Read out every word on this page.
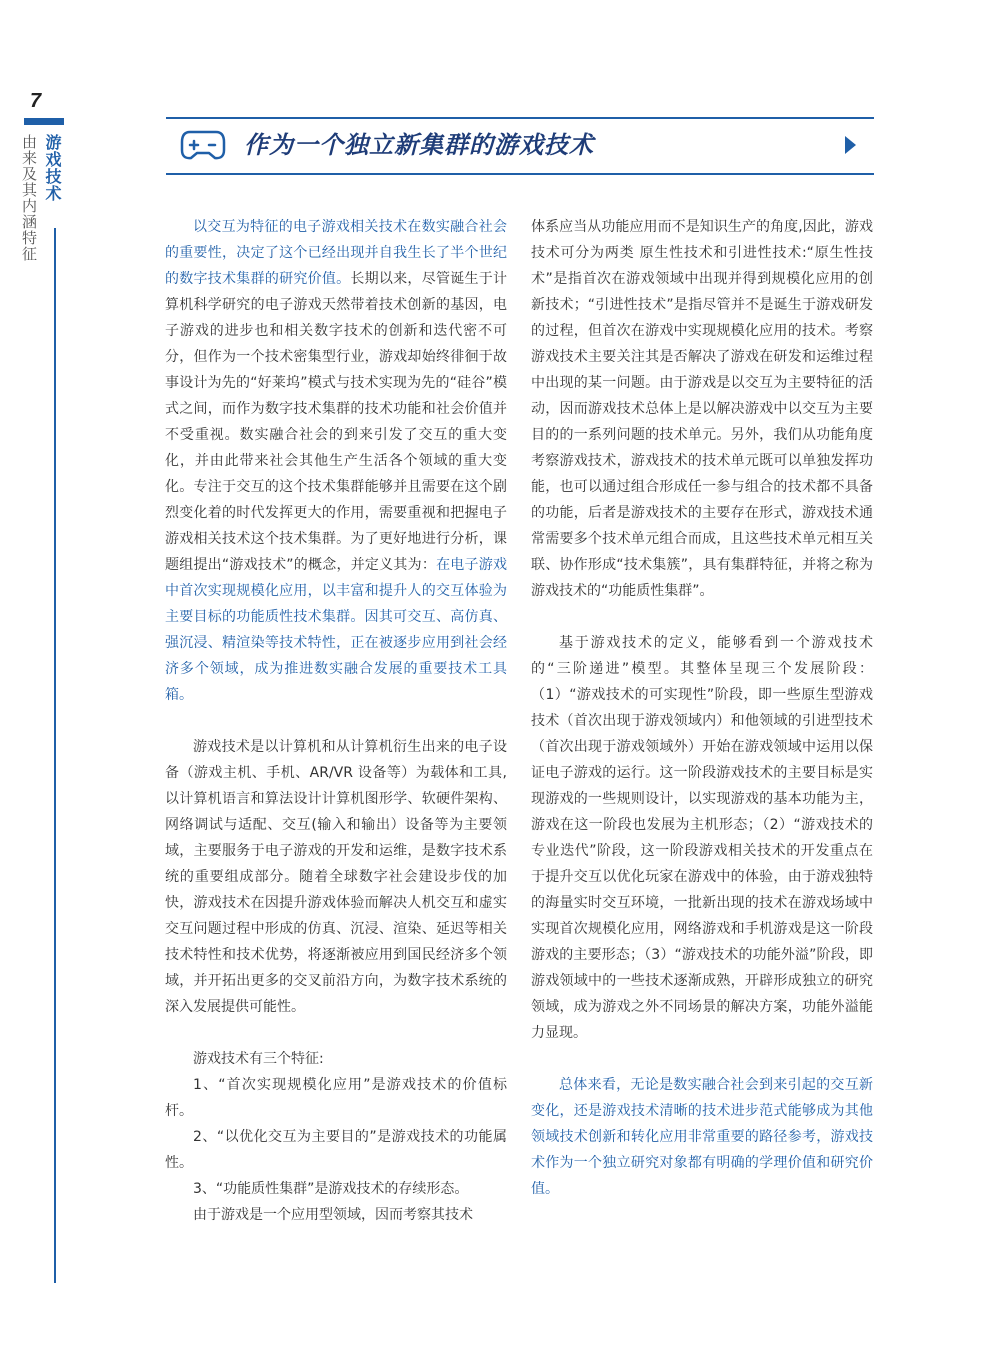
7
游戏技术
由来及其内涵特征	作为一个独立新集群的游戏技术

以交互为特征的电子游戏相关技术在数实融合社会的重要性，决定了这个已经出现并自我生长了半个世纪的数字技术集群的研究价值。长期以来，尽管诞生于计算机科学研究的电子游戏天然带着技术创新的基因，电子游戏的进步也和相关数字技术的创新和迭代密不可分，但作为一个技术密集型行业，游戏却始终徘徊于故事设计为先的“好莱坞”模式与技术实现为先的“硅谷”模式之间，而作为数字技术集群的技术功能和社会价值并不受重视。数实融合社会的到来引发了交互的重大变化，并由此带来社会其他生产生活各个领域的重大变化。专注于交互的这个技术集群能够并且需要在这个剧烈变化着的时代发挥更大的作用，需要重视和把握电子游戏相关技术这个技术集群。为了更好地进行分析，课题组提出“游戏技术”的概念，并定义其为：在电子游戏中首次实现规模化应用，以丰富和提升人的交互体验为主要目标的功能质性技术集群。因其可交互、高仿真、强沉浸、精渲染等技术特性，正在被逐步应用到社会经济多个领域，成为推进数实融合发展的重要技术工具箱。

游戏技术是以计算机和从计算机衍生出来的电子设备（游戏主机、手机、AR/VR 设备等）为载体和工具,以计算机语言和算法设计计算机图形学、软硬件架构、网络调试与适配、交互(输入和输出）设备等为主要领域，主要服务于电子游戏的开发和运维，是数字技术系统的重要组成部分。随着全球数字社会建设步伐的加快，游戏技术在因提升游戏体验而解决人机交互和虚实交互问题过程中形成的仿真、沉浸、渲染、延迟等相关技术特性和技术优势，将逐渐被应用到国民经济多个领域，并开拓出更多的交叉前沿方向，为数字技术系统的深入发展提供可能性。

游戏技术有三个特征:

1、“首次实现规模化应用”是游戏技术的价值标杆。

2、“以优化交互为主要目的”是游戏技术的功能属性。

3、“功能质性集群”是游戏技术的存续形态。

由于游戏是一个应用型领域，因而考察其技术

体系应当从功能应用而不是知识生产的角度,因此，游戏技术可分为两类 原生性技术和引进性技术:“原生性技术”是指首次在游戏领域中出现并得到规模化应用的创新技术；“引进性技术”是指尽管并不是诞生于游戏研发的过程，但首次在游戏中实现规模化应用的技术。考察游戏技术主要关注其是否解决了游戏在研发和运维过程中出现的某一问题。由于游戏是以交互为主要特征的活动，因而游戏技术总体上是以解决游戏中以交互为主要目的的一系列问题的技术单元。另外，我们从功能角度考察游戏技术，游戏技术的技术单元既可以单独发挥功能，也可以通过组合形成任一参与组合的技术都不具备的功能，后者是游戏技术的主要存在形式，游戏技术通常需要多个技术单元组合而成，且这些技术单元相互关联、协作形成“技术集簇”，具有集群特征，并将之称为游戏技术的“功能质性集群”。

基于游戏技术的定义，能够看到一个游戏技术的“三阶递进”模型。其整体呈现三个发展阶段：（1）“游戏技术的可实现性”阶段，即一些原生型游戏技术（首次出现于游戏领域内）和他领域的引进型技术（首次出现于游戏领域外）开始在游戏领域中运用以保证电子游戏的运行。这一阶段游戏技术的主要目标是实现游戏的一些规则设计，以实现游戏的基本功能为主，游戏在这一阶段也发展为主机形态；（2）“游戏技术的专业迭代”阶段，这一阶段游戏相关技术的开发重点在于提升交互以优化玩家在游戏中的体验，由于游戏独特的海量实时交互环境，一批新出现的技术在游戏场域中实现首次规模化应用，网络游戏和手机游戏是这一阶段游戏的主要形态；（3）“游戏技术的功能外溢”阶段，即游戏领域中的一些技术逐渐成熟，开辟形成独立的研究领域，成为游戏之外不同场景的解决方案，功能外溢能力显现。

总体来看，无论是数实融合社会到来引起的交互新变化，还是游戏技术清晰的技术进步范式能够成为其他领域技术创新和转化应用非常重要的路径参考，游戏技术作为一个独立研究对象都有明确的学理价值和研究价值。
